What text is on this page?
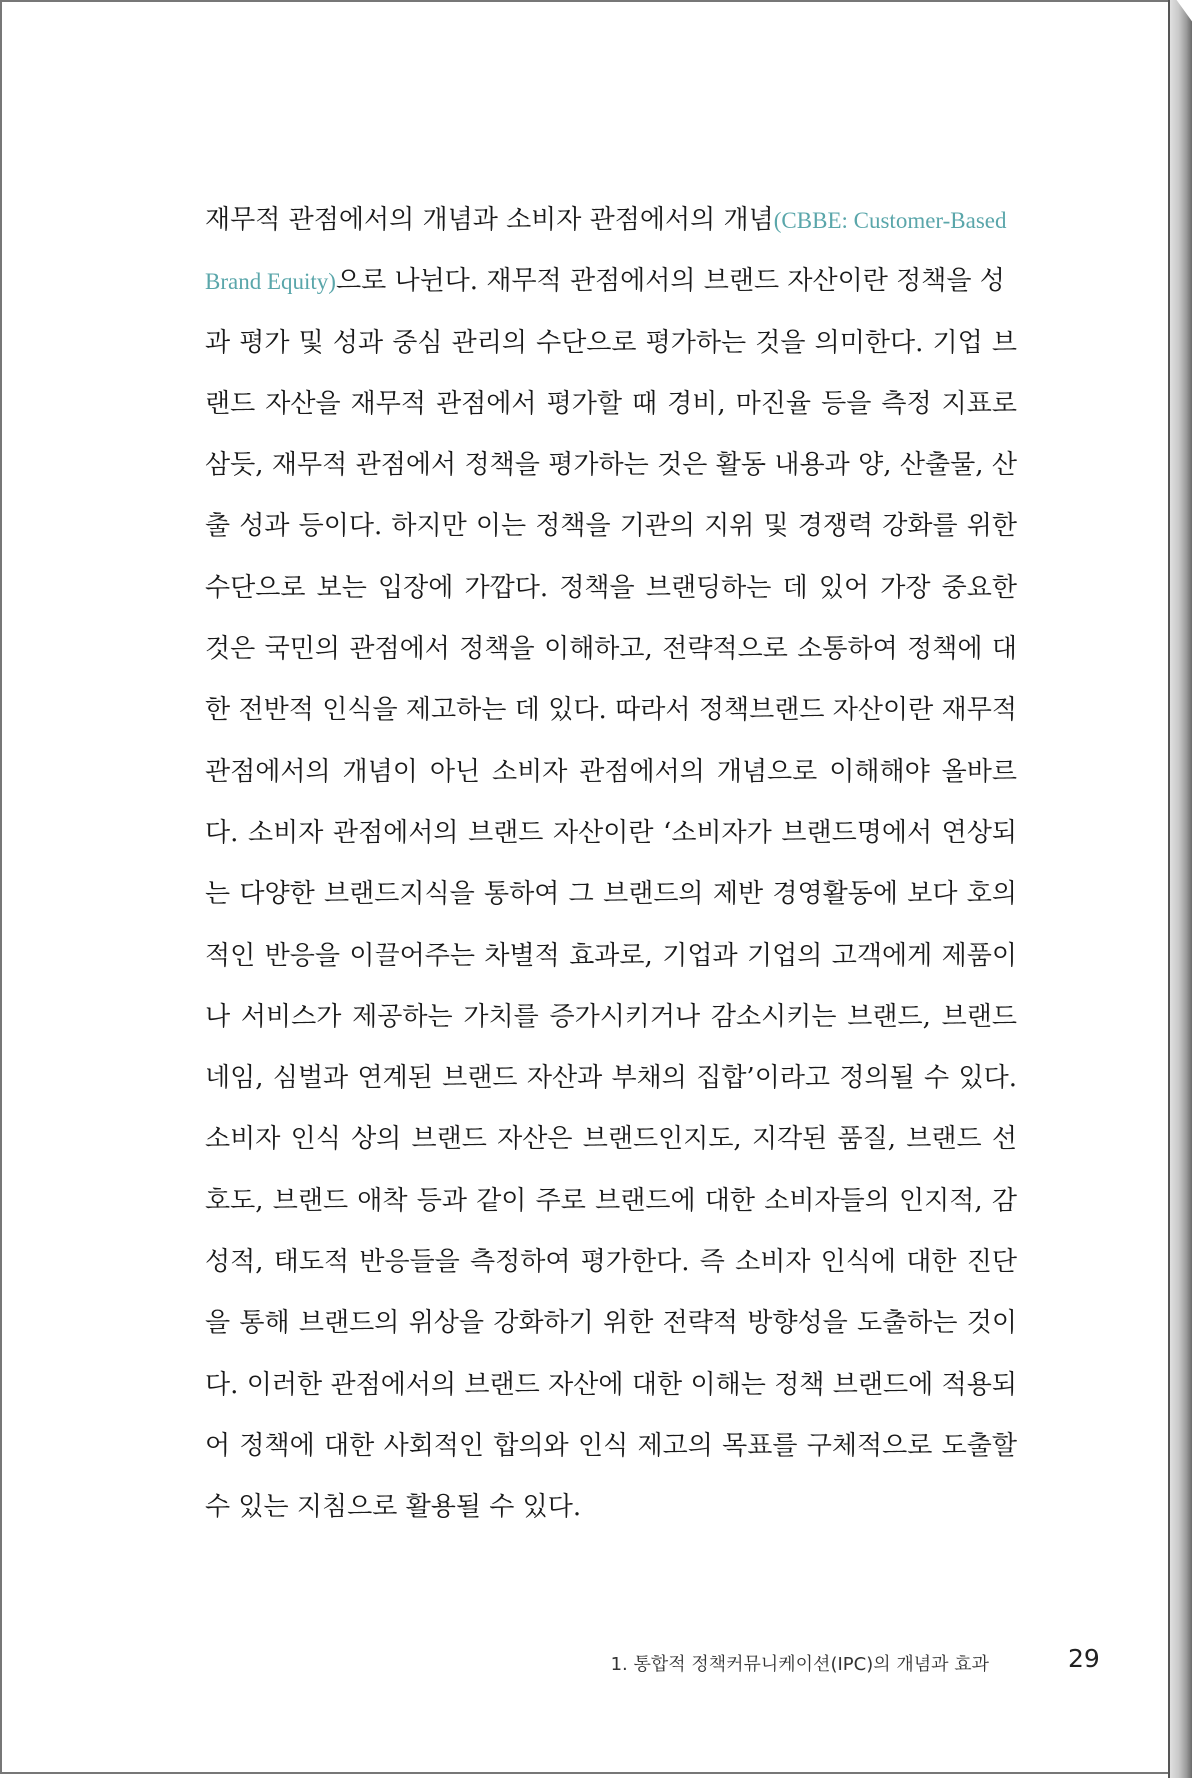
재무적 관점에서의 개념과 소비자 관점에서의 개념(CBBE: Customer-Based
Brand Equity)으로 나뉜다. 재무적 관점에서의 브랜드 자산이란 정책을 성
과 평가 및 성과 중심 관리의 수단으로 평가하는 것을 의미한다. 기업 브
랜드 자산을 재무적 관점에서 평가할 때 경비, 마진율 등을 측정 지표로
삼듯, 재무적 관점에서 정책을 평가하는 것은 활동 내용과 양, 산출물, 산
출 성과 등이다. 하지만 이는 정책을 기관의 지위 및 경쟁력 강화를 위한
수단으로 보는 입장에 가깝다. 정책을 브랜딩하는 데 있어 가장 중요한
것은 국민의 관점에서 정책을 이해하고, 전략적으로 소통하여 정책에 대
한 전반적 인식을 제고하는 데 있다. 따라서 정책브랜드 자산이란 재무적
관점에서의 개념이 아닌 소비자 관점에서의 개념으로 이해해야 올바르
다. 소비자 관점에서의 브랜드 자산이란 ‘소비자가 브랜드명에서 연상되
는 다양한 브랜드지식을 통하여 그 브랜드의 제반 경영활동에 보다 호의
적인 반응을 이끌어주는 차별적 효과로, 기업과 기업의 고객에게 제품이
나 서비스가 제공하는 가치를 증가시키거나 감소시키는 브랜드, 브랜드
네임, 심벌과 연계된 브랜드 자산과 부채의 집합’이라고 정의될 수 있다.
소비자 인식 상의 브랜드 자산은 브랜드인지도, 지각된 품질, 브랜드 선
호도, 브랜드 애착 등과 같이 주로 브랜드에 대한 소비자들의 인지적, 감
성적, 태도적 반응들을 측정하여 평가한다. 즉 소비자 인식에 대한 진단
을 통해 브랜드의 위상을 강화하기 위한 전략적 방향성을 도출하는 것이
다. 이러한 관점에서의 브랜드 자산에 대한 이해는 정책 브랜드에 적용되
어 정책에 대한 사회적인 합의와 인식 제고의 목표를 구체적으로 도출할
수 있는 지침으로 활용될 수 있다.
1. 통합적 정책커뮤니케이션(IPC)의 개념과 효과	29
